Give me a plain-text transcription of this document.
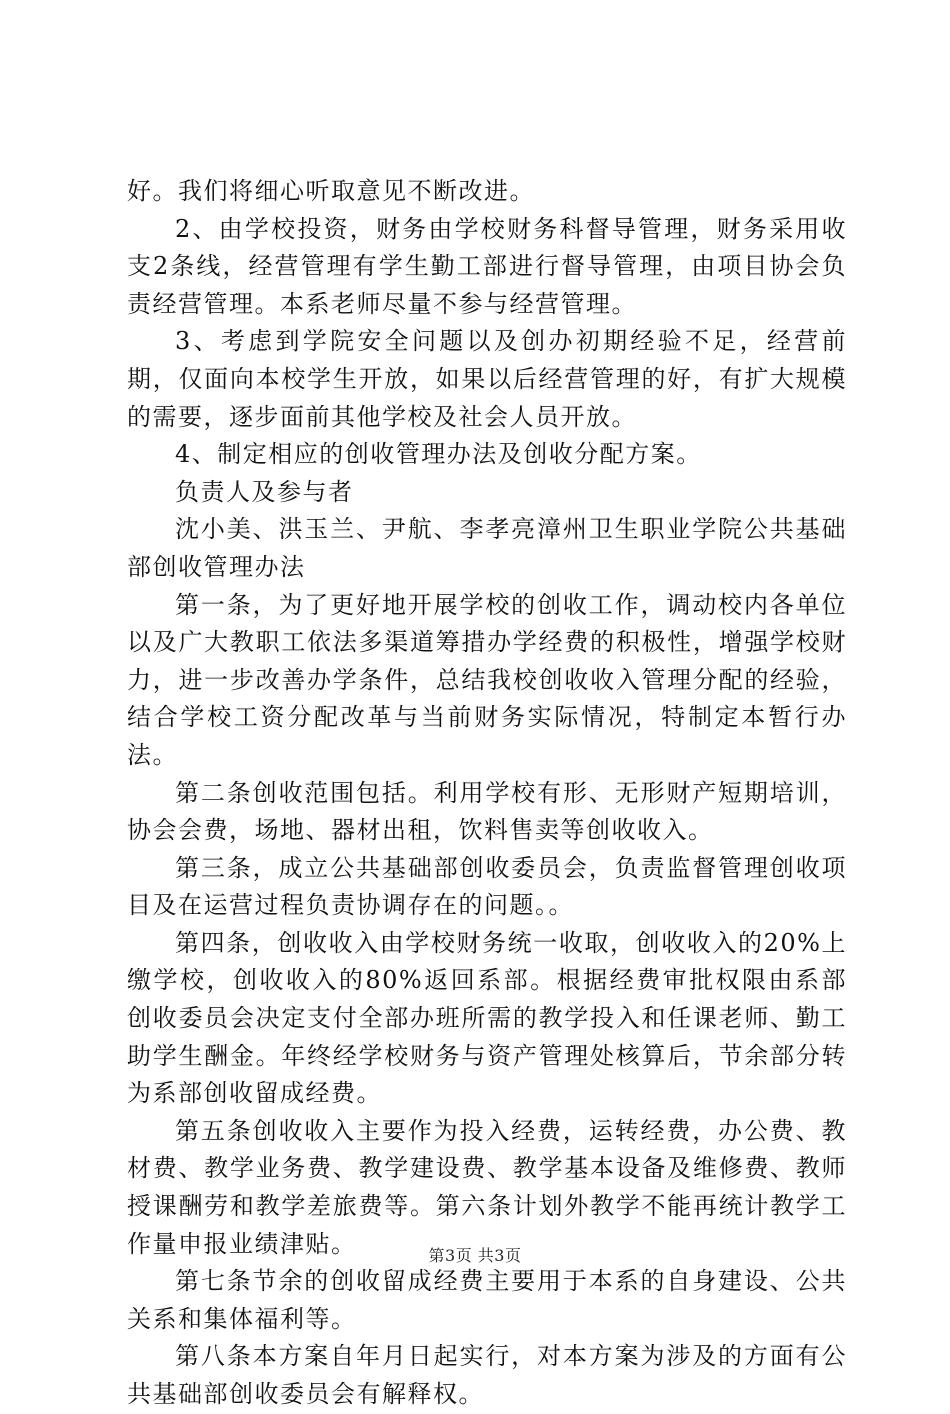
好。我们将细心听取意见不断改进。

2、由学校投资，财务由学校财务科督导管理，财务采用收支2条线，经营管理有学生勤工部进行督导管理，由项目协会负责经营管理。本系老师尽量不参与经营管理。

3、考虑到学院安全问题以及创办初期经验不足，经营前期，仅面向本校学生开放，如果以后经营管理的好，有扩大规模的需要，逐步面前其他学校及社会人员开放。

4、制定相应的创收管理办法及创收分配方案。

负责人及参与者

沈小美、洪玉兰、尹航、李孝亮漳州卫生职业学院公共基础部创收管理办法

第一条，为了更好地开展学校的创收工作，调动校内各单位以及广大教职工依法多渠道筹措办学经费的积极性，增强学校财力，进一步改善办学条件，总结我校创收收入管理分配的经验，结合学校工资分配改革与当前财务实际情况，特制定本暂行办法。

第二条创收范围包括。利用学校有形、无形财产短期培训，协会会费，场地、器材出租，饮料售卖等创收收入。

第三条，成立公共基础部创收委员会，负责监督管理创收项目及在运营过程负责协调存在的问题。。

第四条，创收收入由学校财务统一收取，创收收入的20%上缴学校，创收收入的80%返回系部。根据经费审批权限由系部创收委员会决定支付全部办班所需的教学投入和任课老师、勤工助学生酬金。年终经学校财务与资产管理处核算后，节余部分转为系部创收留成经费。

第五条创收收入主要作为投入经费，运转经费，办公费、教材费、教学业务费、教学建设费、教学基本设备及维修费、教师授课酬劳和教学差旅费等。第六条计划外教学不能再统计教学工作量申报业绩津贴。

第七条节余的创收留成经费主要用于本系的自身建设、公共关系和集体福利等。

第八条本方案自年月日起实行，对本方案为涉及的方面有公共基础部创收委员会有解释权。

第3页 共3页
